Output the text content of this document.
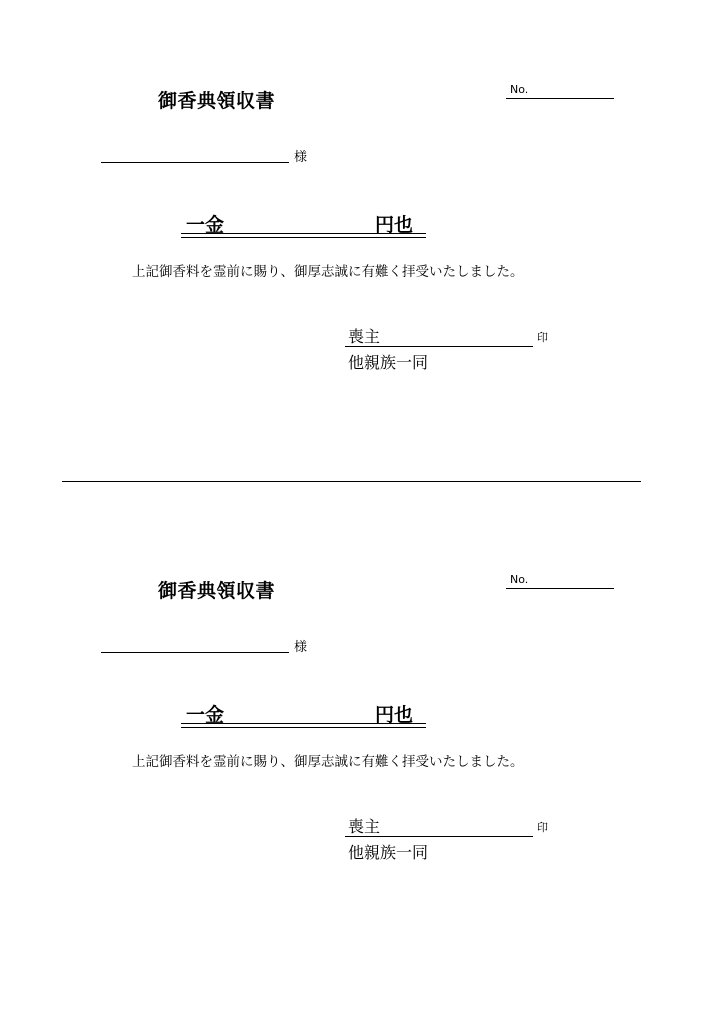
御香典領収書
No.
様
一金	円也
上記御香料を霊前に賜り、御厚志誠に有難く拝受いたしました。
喪主	印
他親族一同
御香典領収書
No.
様
一金	円也
上記御香料を霊前に賜り、御厚志誠に有難く拝受いたしました。
喪主	印
他親族一同
